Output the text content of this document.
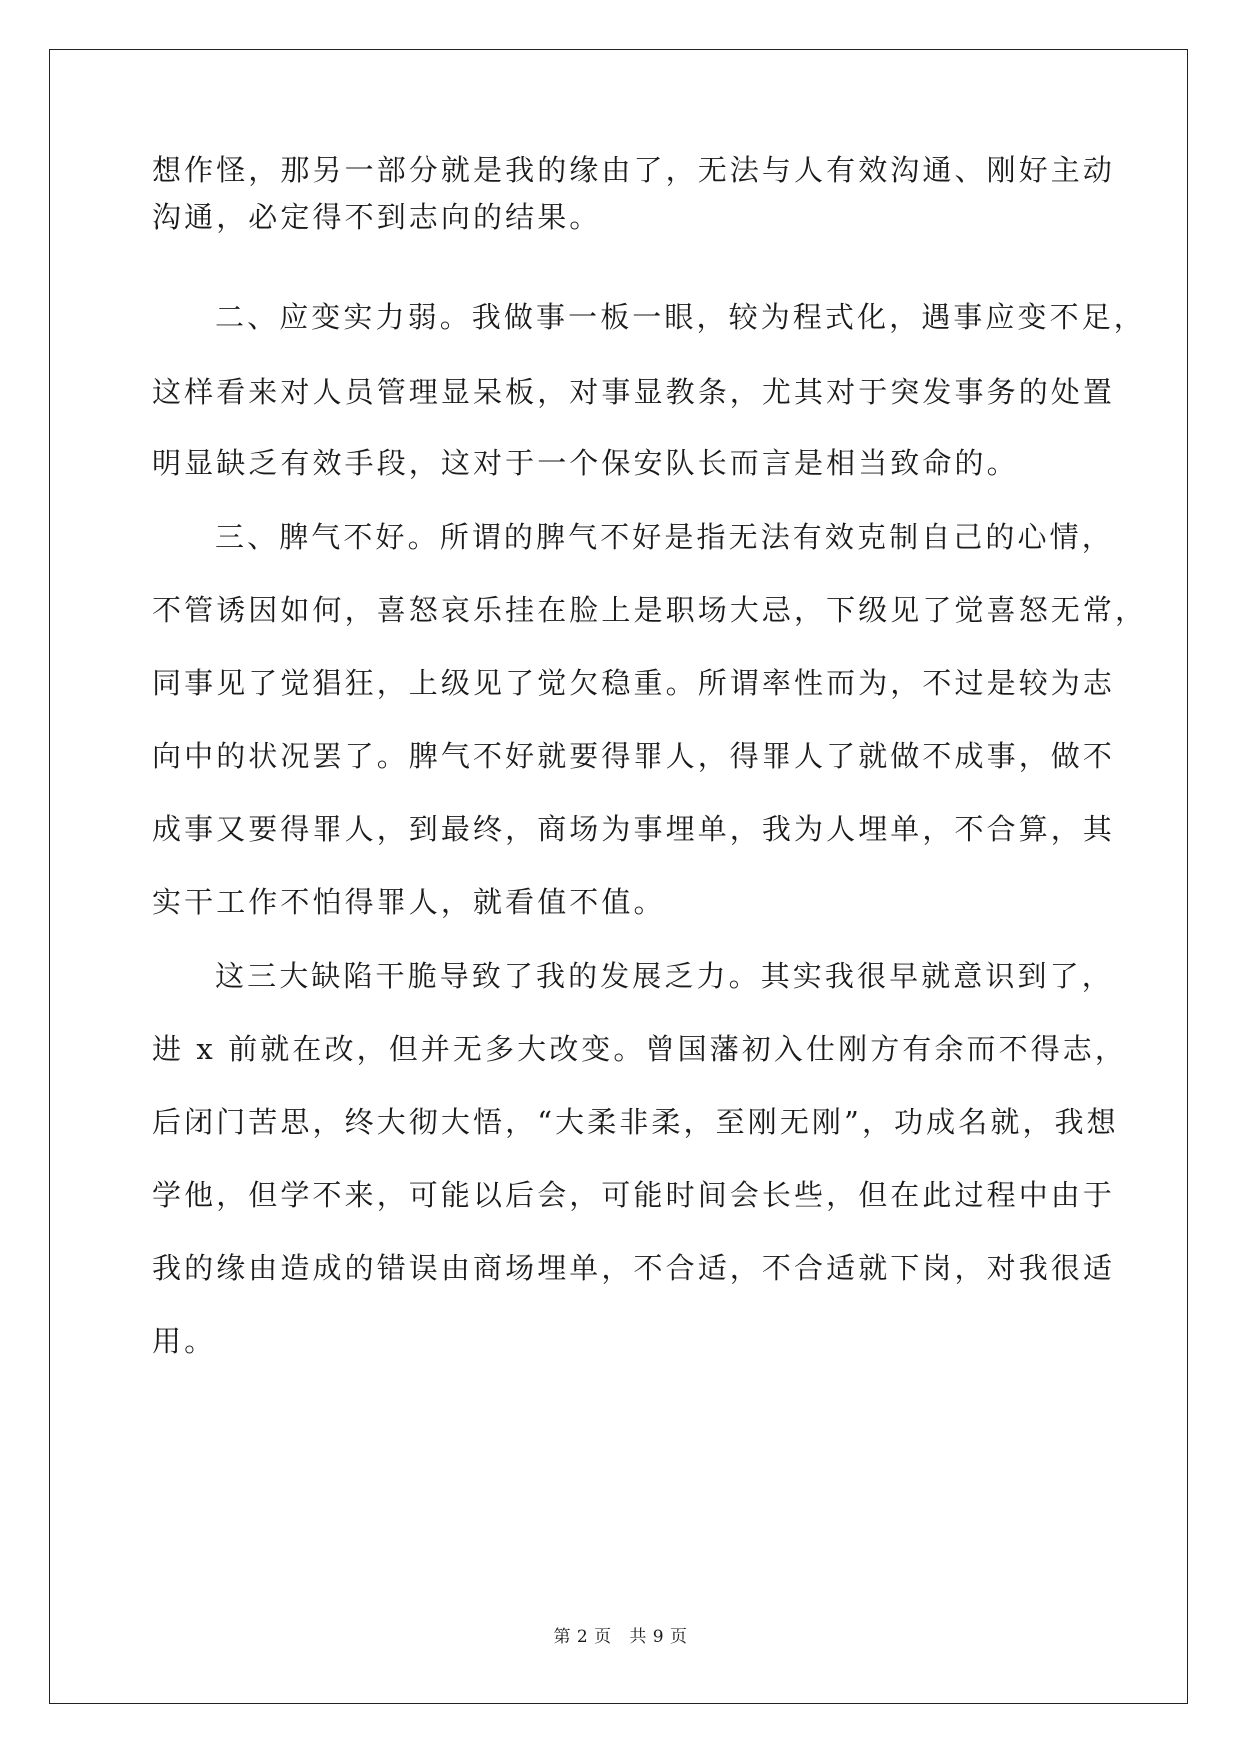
想作怪，那另一部分就是我的缘由了，无法与人有效沟通、刚好主动
沟通，必定得不到志向的结果。
二、应变实力弱。我做事一板一眼，较为程式化，遇事应变不足，
这样看来对人员管理显呆板，对事显教条，尤其对于突发事务的处置
明显缺乏有效手段，这对于一个保安队长而言是相当致命的。
三、脾气不好。所谓的脾气不好是指无法有效克制自己的心情，
不管诱因如何，喜怒哀乐挂在脸上是职场大忌，下级见了觉喜怒无常，
同事见了觉猖狂，上级见了觉欠稳重。所谓率性而为，不过是较为志
向中的状况罢了。脾气不好就要得罪人，得罪人了就做不成事，做不
成事又要得罪人，到最终，商场为事埋单，我为人埋单，不合算，其
实干工作不怕得罪人，就看值不值。
这三大缺陷干脆导致了我的发展乏力。其实我很早就意识到了，
进 x 前就在改，但并无多大改变。曾国藩初入仕刚方有余而不得志，
后闭门苦思，终大彻大悟，“大柔非柔，至刚无刚”，功成名就，我想
学他，但学不来，可能以后会，可能时间会长些，但在此过程中由于
我的缘由造成的错误由商场埋单，不合适，不合适就下岗，对我很适
用。
第 2 页   共 9 页
